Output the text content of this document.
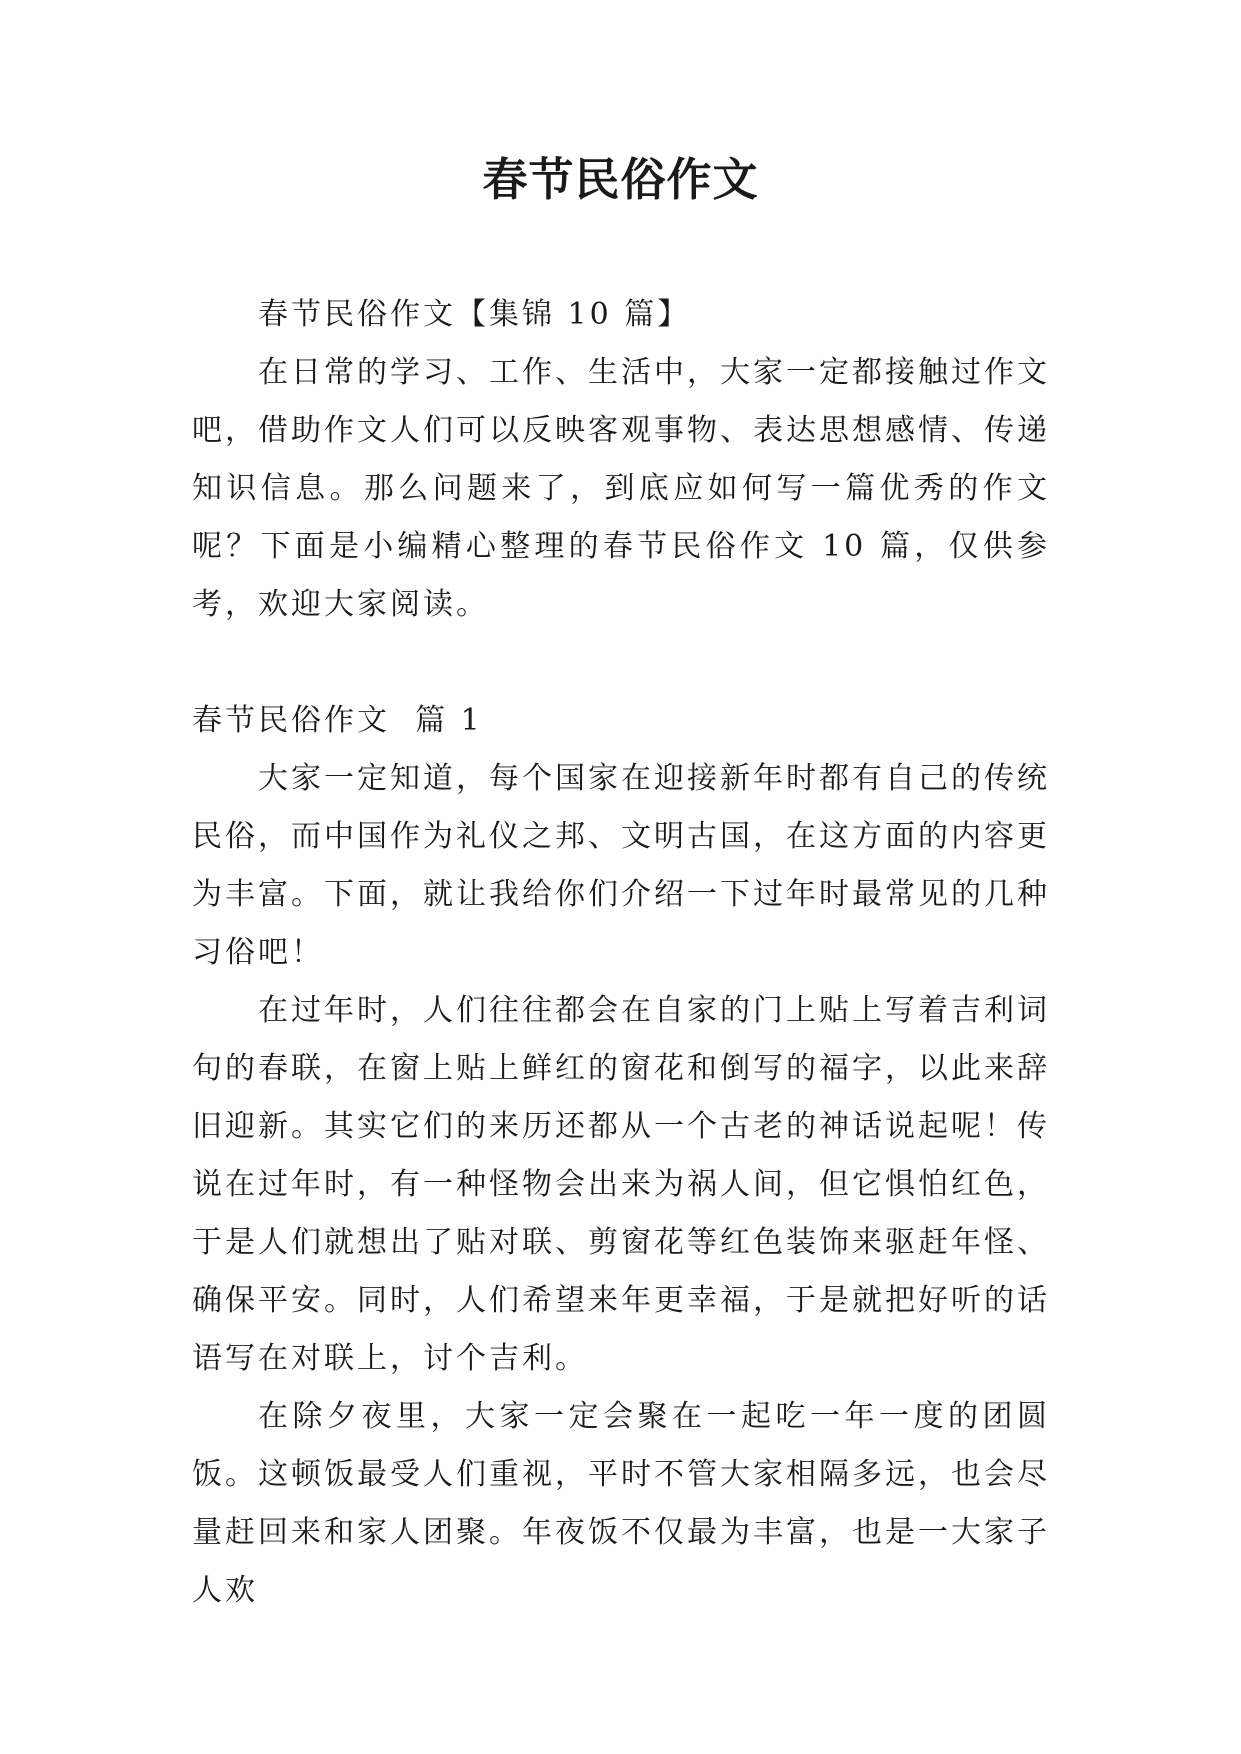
春节民俗作文

春节民俗作文【集锦 10 篇】

在日常的学习、工作、生活中，大家一定都接触过作文吧，借助作文人们可以反映客观事物、表达思想感情、传递知识信息。那么问题来了，到底应如何写一篇优秀的作文呢？下面是小编精心整理的春节民俗作文 10 篇，仅供参考，欢迎大家阅读。

春节民俗作文  篇 1

大家一定知道，每个国家在迎接新年时都有自己的传统民俗，而中国作为礼仪之邦、文明古国，在这方面的内容更为丰富。下面，就让我给你们介绍一下过年时最常见的几种习俗吧！

在过年时，人们往往都会在自家的门上贴上写着吉利词句的春联，在窗上贴上鲜红的窗花和倒写的福字，以此来辞旧迎新。其实它们的来历还都从一个古老的神话说起呢！传说在过年时，有一种怪物会出来为祸人间，但它惧怕红色，于是人们就想出了贴对联、剪窗花等红色装饰来驱赶年怪、确保平安。同时，人们希望来年更幸福，于是就把好听的话语写在对联上，讨个吉利。

在除夕夜里，大家一定会聚在一起吃一年一度的团圆饭。这顿饭最受人们重视，平时不管大家相隔多远，也会尽量赶回来和家人团聚。年夜饭不仅最为丰富，也是一大家子人欢
